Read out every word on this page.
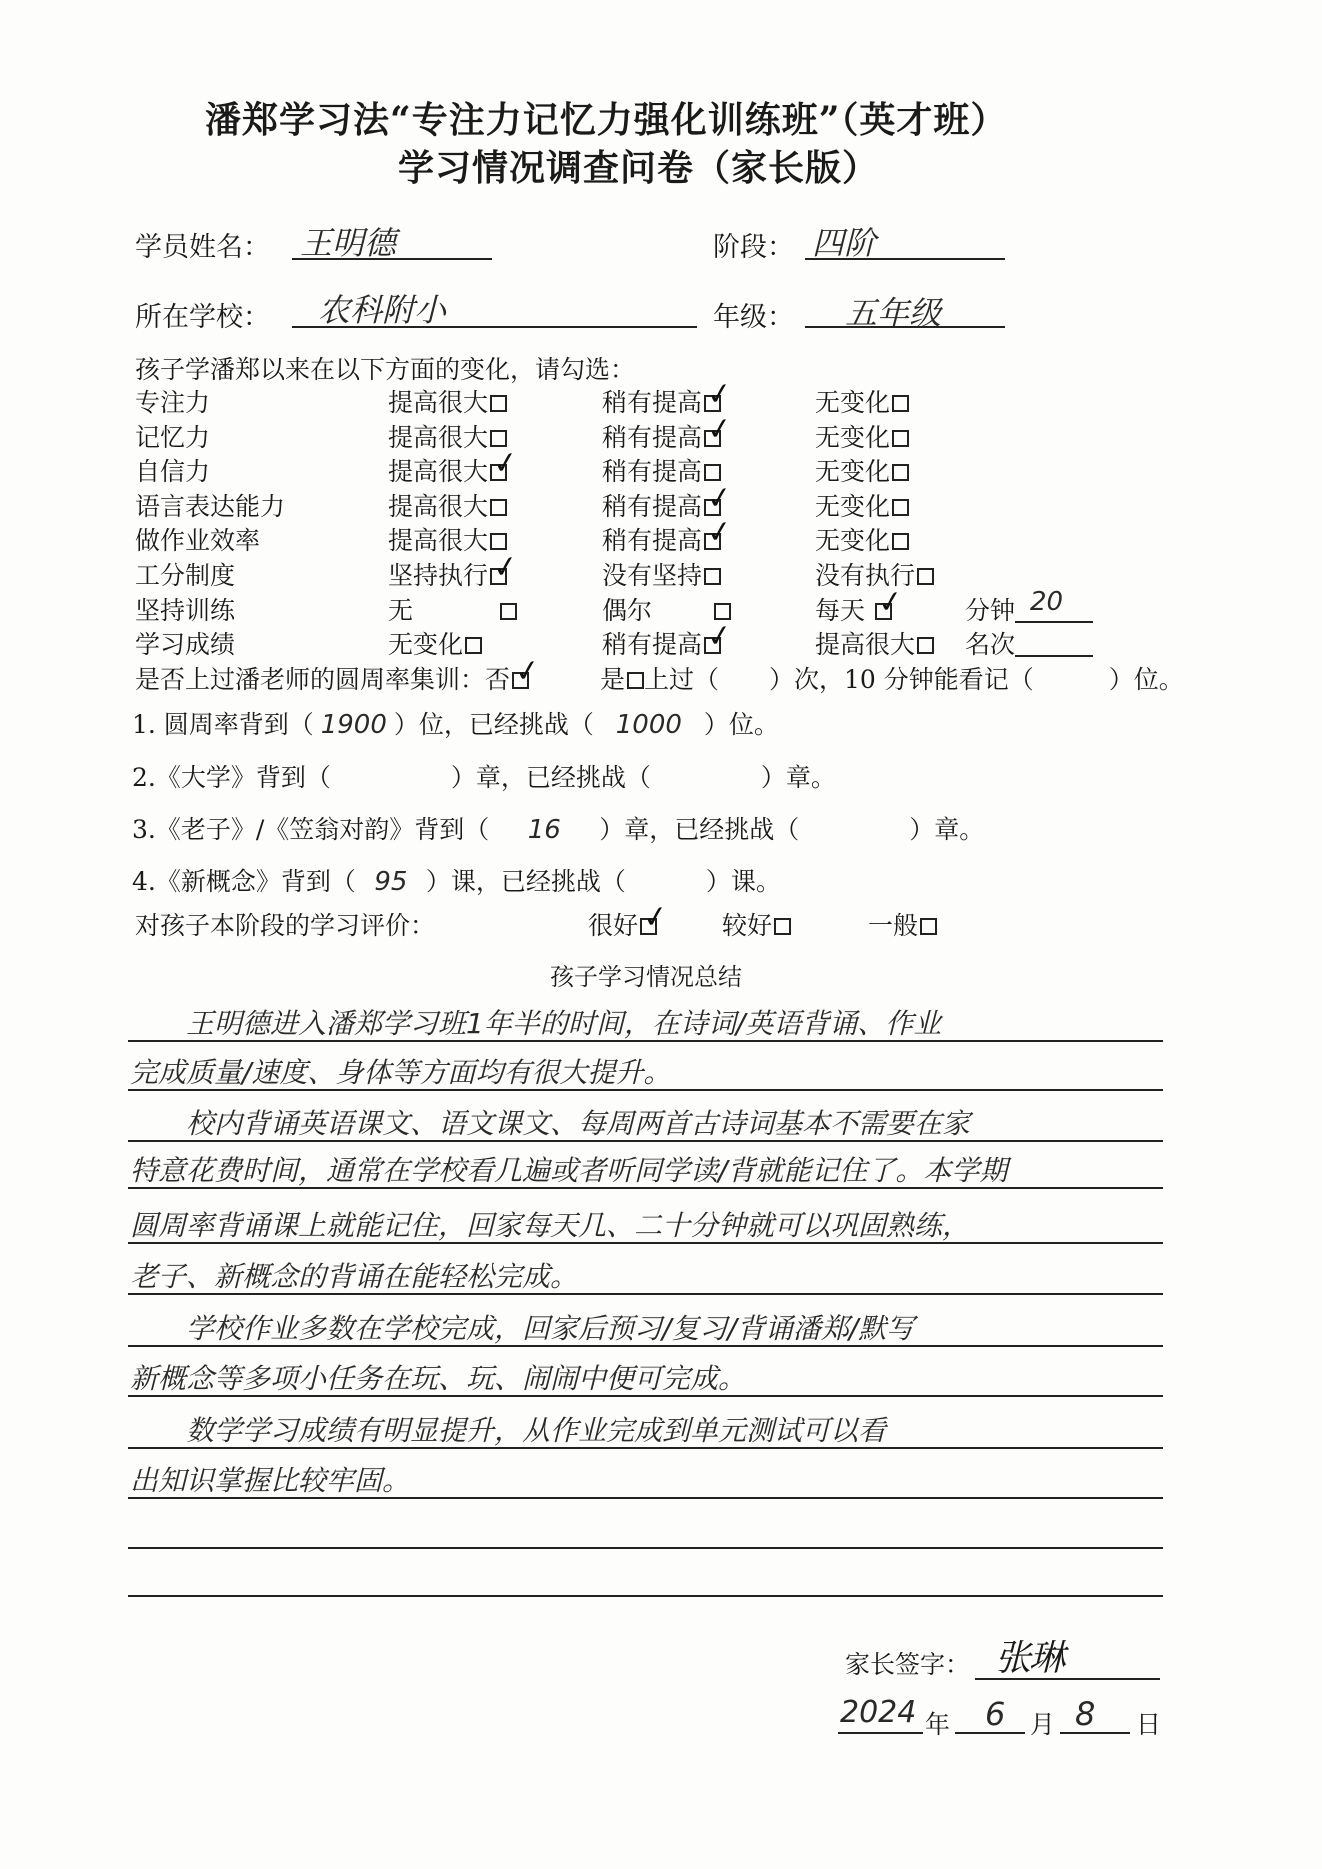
潘郑学习法“专注力记忆力强化训练班”（英才班）
学习情况调查问卷（家长版）
学员姓名： 王明德	阶段： 四阶
所在学校： 农科附小	年级： 五年级
孩子学潘郑以来在以下方面的变化，请勾选：
专注力	提高很大	稍有提高 ✓	无变化
记忆力	提高很大	稍有提高 ✓	无变化
自信力	提高很大 ✓	稍有提高	无变化
语言表达能力	提高很大	稍有提高 ✓	无变化
做作业效率	提高很大	稍有提高 ✓	无变化
工分制度	坚持执行 ✓	没有坚持	没有执行
坚持训练	无	偶尔	每天 ✓	分钟 20
学习成绩	无变化	稍有提高 ✓	提高很大	名次
是否上过潘老师的圆周率集训：否 ✓	是 上过（　　）次，10 分钟能看记（　　　）位。
1. 圆周率背到（ 1900 ）位，已经挑战（ 1000 ）位。
2.《大学》背到（	）章，已经挑战（	）章。
3.《老子》/《笠翁对韵》背到（ 16 ）章，已经挑战（	）章。
4.《新概念》背到（ 95 ）课，已经挑战（	）课。
对孩子本阶段的学习评价：	很好 ✓	较好	一般
孩子学习情况总结
　　王明德进入潘郑学习班1年半的时间，在诗词/英语背诵、作业
完成质量/速度、身体等方面均有很大提升。
　　校内背诵英语课文、语文课文、每周两首古诗词基本不需要在家
特意花费时间，通常在学校看几遍或者听同学读/背就能记住了。本学期
圆周率背诵课上就能记住，回家每天几、二十分钟就可以巩固熟练，
老子、新概念的背诵在能轻松完成。
　　学校作业多数在学校完成，回家后预习/复习/背诵潘郑/默写
新概念等多项小任务在玩、玩、闹闹中便可完成。
　　数学学习成绩有明显提升，从作业完成到单元测试可以看
出知识掌握比较牢固。
家长签字： 张琳
2024 年 6 月 8 日
